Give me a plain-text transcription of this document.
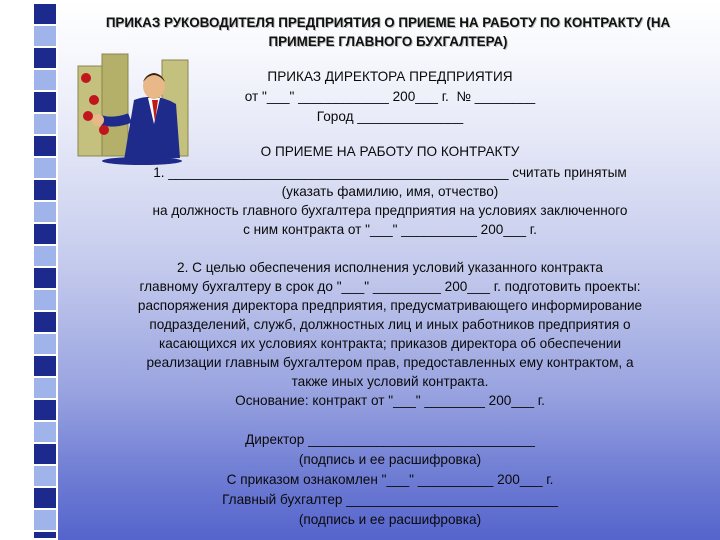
ПРИКАЗ РУКОВОДИТЕЛЯ ПРЕДПРИЯТИЯ О ПРИЕМЕ НА РАБОТУ ПО КОНТРАКТУ (НА
ПРИМЕРЕ ГЛАВНОГО БУХГАЛТЕРА)
ПРИКАЗ ДИРЕКТОРА ПРЕДПРИЯТИЯ
от "___" ____________ 200___ г.  № ________
Город ______________
О ПРИЕМЕ НА РАБОТУ ПО КОНТРАКТУ
1. _____________________________________________ считать принятым
(указать фамилию, имя, отчество)
на должность главного бухгалтера предприятия на условиях заключенного
с ним контракта от "___" __________ 200___ г.
2. С целью обеспечения исполнения условий указанного контракта
главному бухгалтеру в срок до "___" _________ 200___ г. подготовить проекты:
распоряжения директора предприятия, предусматривающего информирование
подразделений, служб, должностных лиц и иных работников предприятия о
касающихся их условиях контракта; приказов директора об обеспечении
реализации главным бухгалтером прав, предоставленных ему контрактом, а
также иных условий контракта.
Основание: контракт от "___" ________ 200___ г.
Директор ______________________________
(подпись и ее расшифровка)
С приказом ознакомлен "___" __________ 200___ г.
Главный бухгалтер ____________________________
(подпись и ее расшифровка)
